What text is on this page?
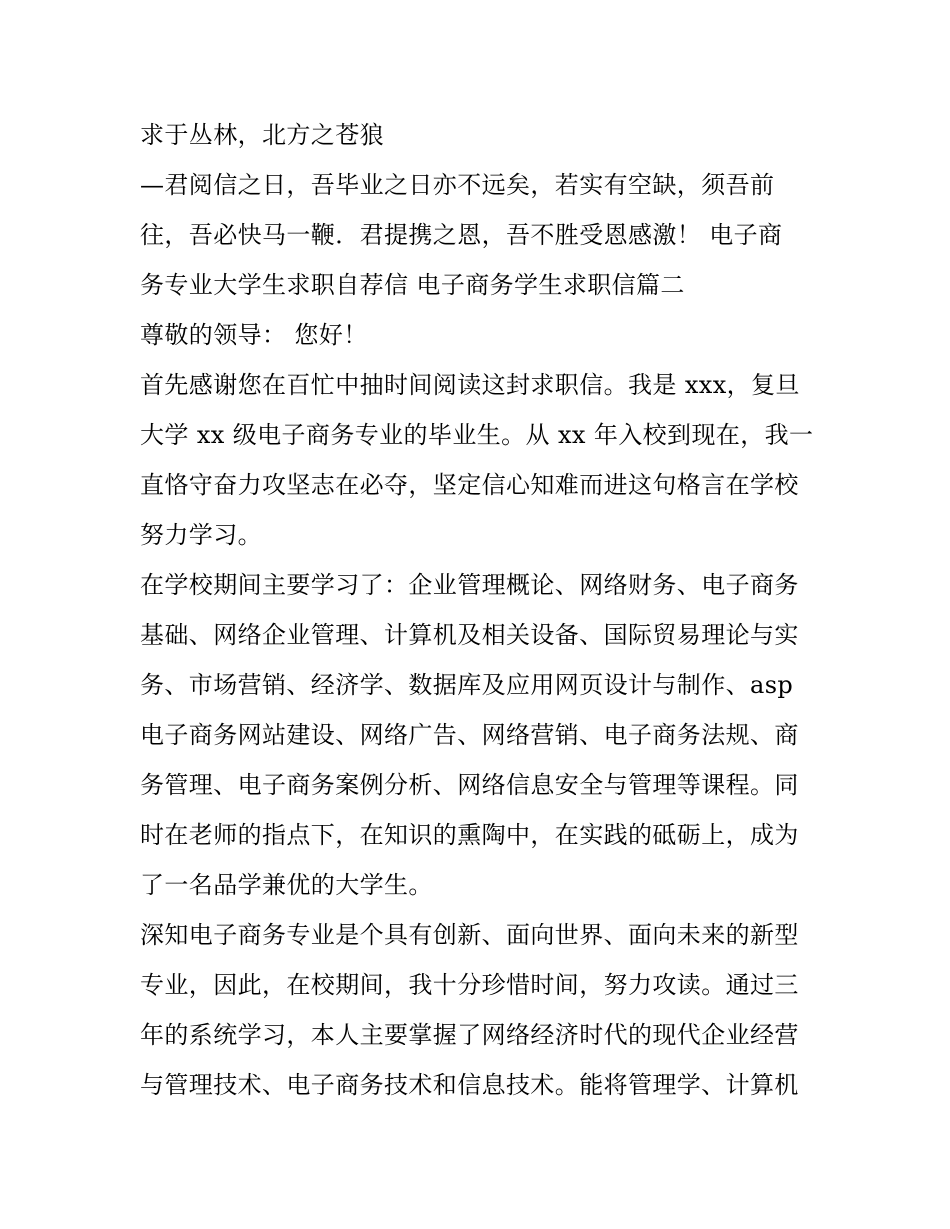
求于丛林，北方之苍狼
—君阅信之日，吾毕业之日亦不远矣，若实有空缺，须吾前
往，吾必快马一鞭．君提携之恩，吾不胜受恩感激！ 电子商
务专业大学生求职自荐信 电子商务学生求职信篇二
尊敬的领导： 您好！
首先感谢您在百忙中抽时间阅读这封求职信。我是 xxx，复旦
大学 xx 级电子商务专业的毕业生。从 xx 年入校到现在，我一
直恪守奋力攻坚志在必夺，坚定信心知难而进这句格言在学校
努力学习。
在学校期间主要学习了：企业管理概论、网络财务、电子商务
基础、网络企业管理、计算机及相关设备、国际贸易理论与实
务、市场营销、经济学、数据库及应用网页设计与制作、asp
电子商务网站建设、网络广告、网络营销、电子商务法规、商
务管理、电子商务案例分析、网络信息安全与管理等课程。同
时在老师的指点下，在知识的熏陶中，在实践的砥砺上，成为
了一名品学兼优的大学生。
深知电子商务专业是个具有创新、面向世界、面向未来的新型
专业，因此，在校期间，我十分珍惜时间，努力攻读。通过三
年的系统学习，本人主要掌握了网络经济时代的现代企业经营
与管理技术、电子商务技术和信息技术。能将管理学、计算机
